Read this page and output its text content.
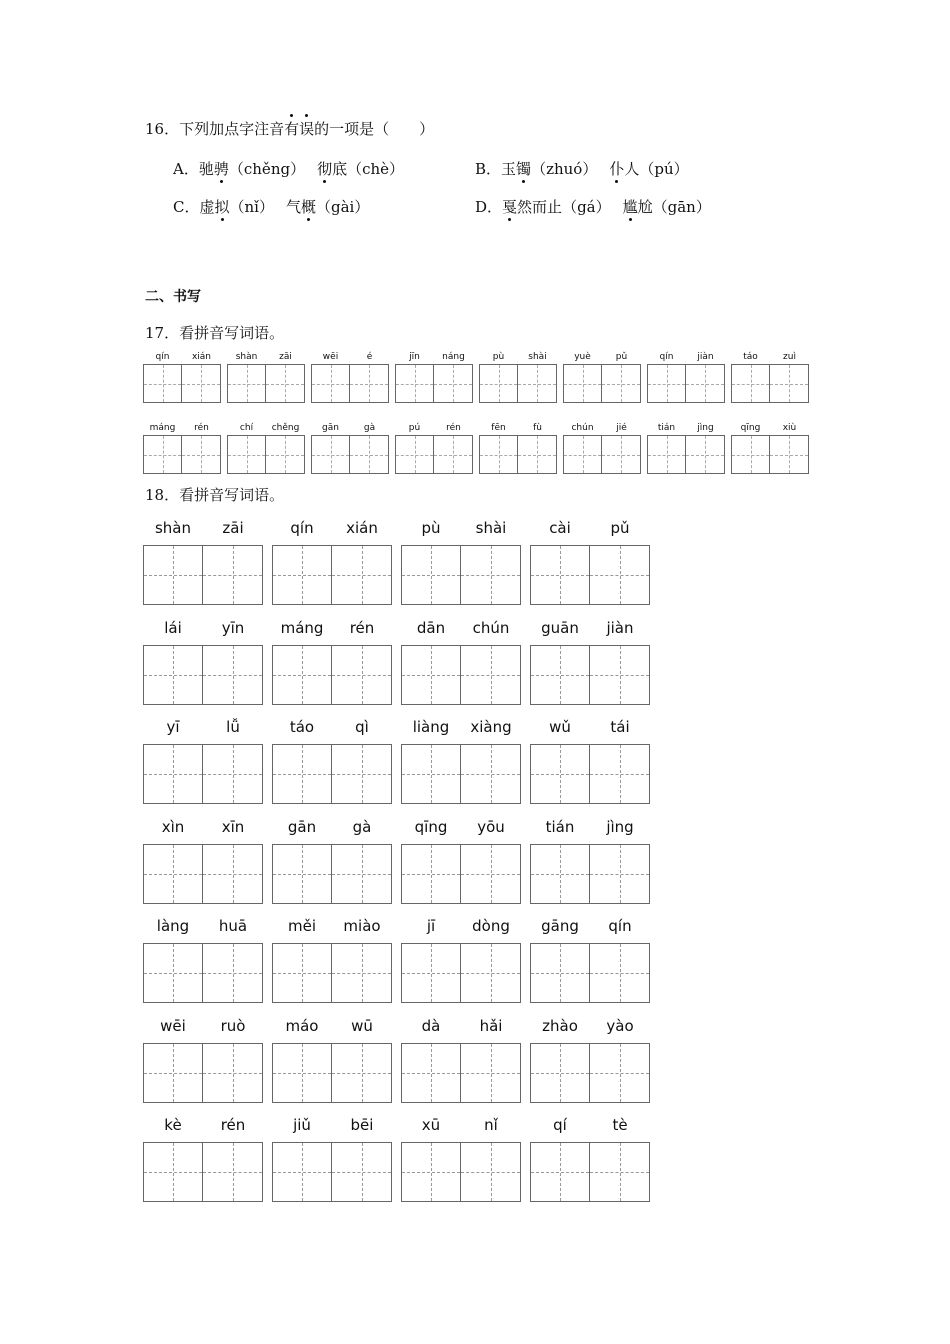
16．下列加点字注音有误的一项是（　　）
A．驰骋（chěng） 彻底（chè）	B．玉镯（zhuó） 仆人（pú）
C．虚拟（nǐ） 气概（gài）	D．戛然而止（gá） 尴尬（gān）
二、书写
17．看拼音写词语。
qín	xián	shàn	zāi	wēi	é	jīn	náng	pù	shài	yuè	pǔ	qín	jiàn	táo	zuì
máng	rén	chí	chěng	gān	gà	pú	rén	fēn	fù	chún	jié	tián	jìng	qīng	xiù
18．看拼音写词语。
shàn	zāi	qín	xián	pù	shài	cài	pǔ
lái	yīn	máng	rén	dān	chún	guān	jiàn
yī	lǚ	táo	qì	liàng	xiàng	wǔ	tái
xìn	xīn	gān	gà	qīng	yōu	tián	jìng
làng	huā	měi	miào	jī	dòng	gāng	qín
wēi	ruò	máo	wū	dà	hǎi	zhào	yào
kè	rén	jiǔ	bēi	xū	nǐ	qí	tè
